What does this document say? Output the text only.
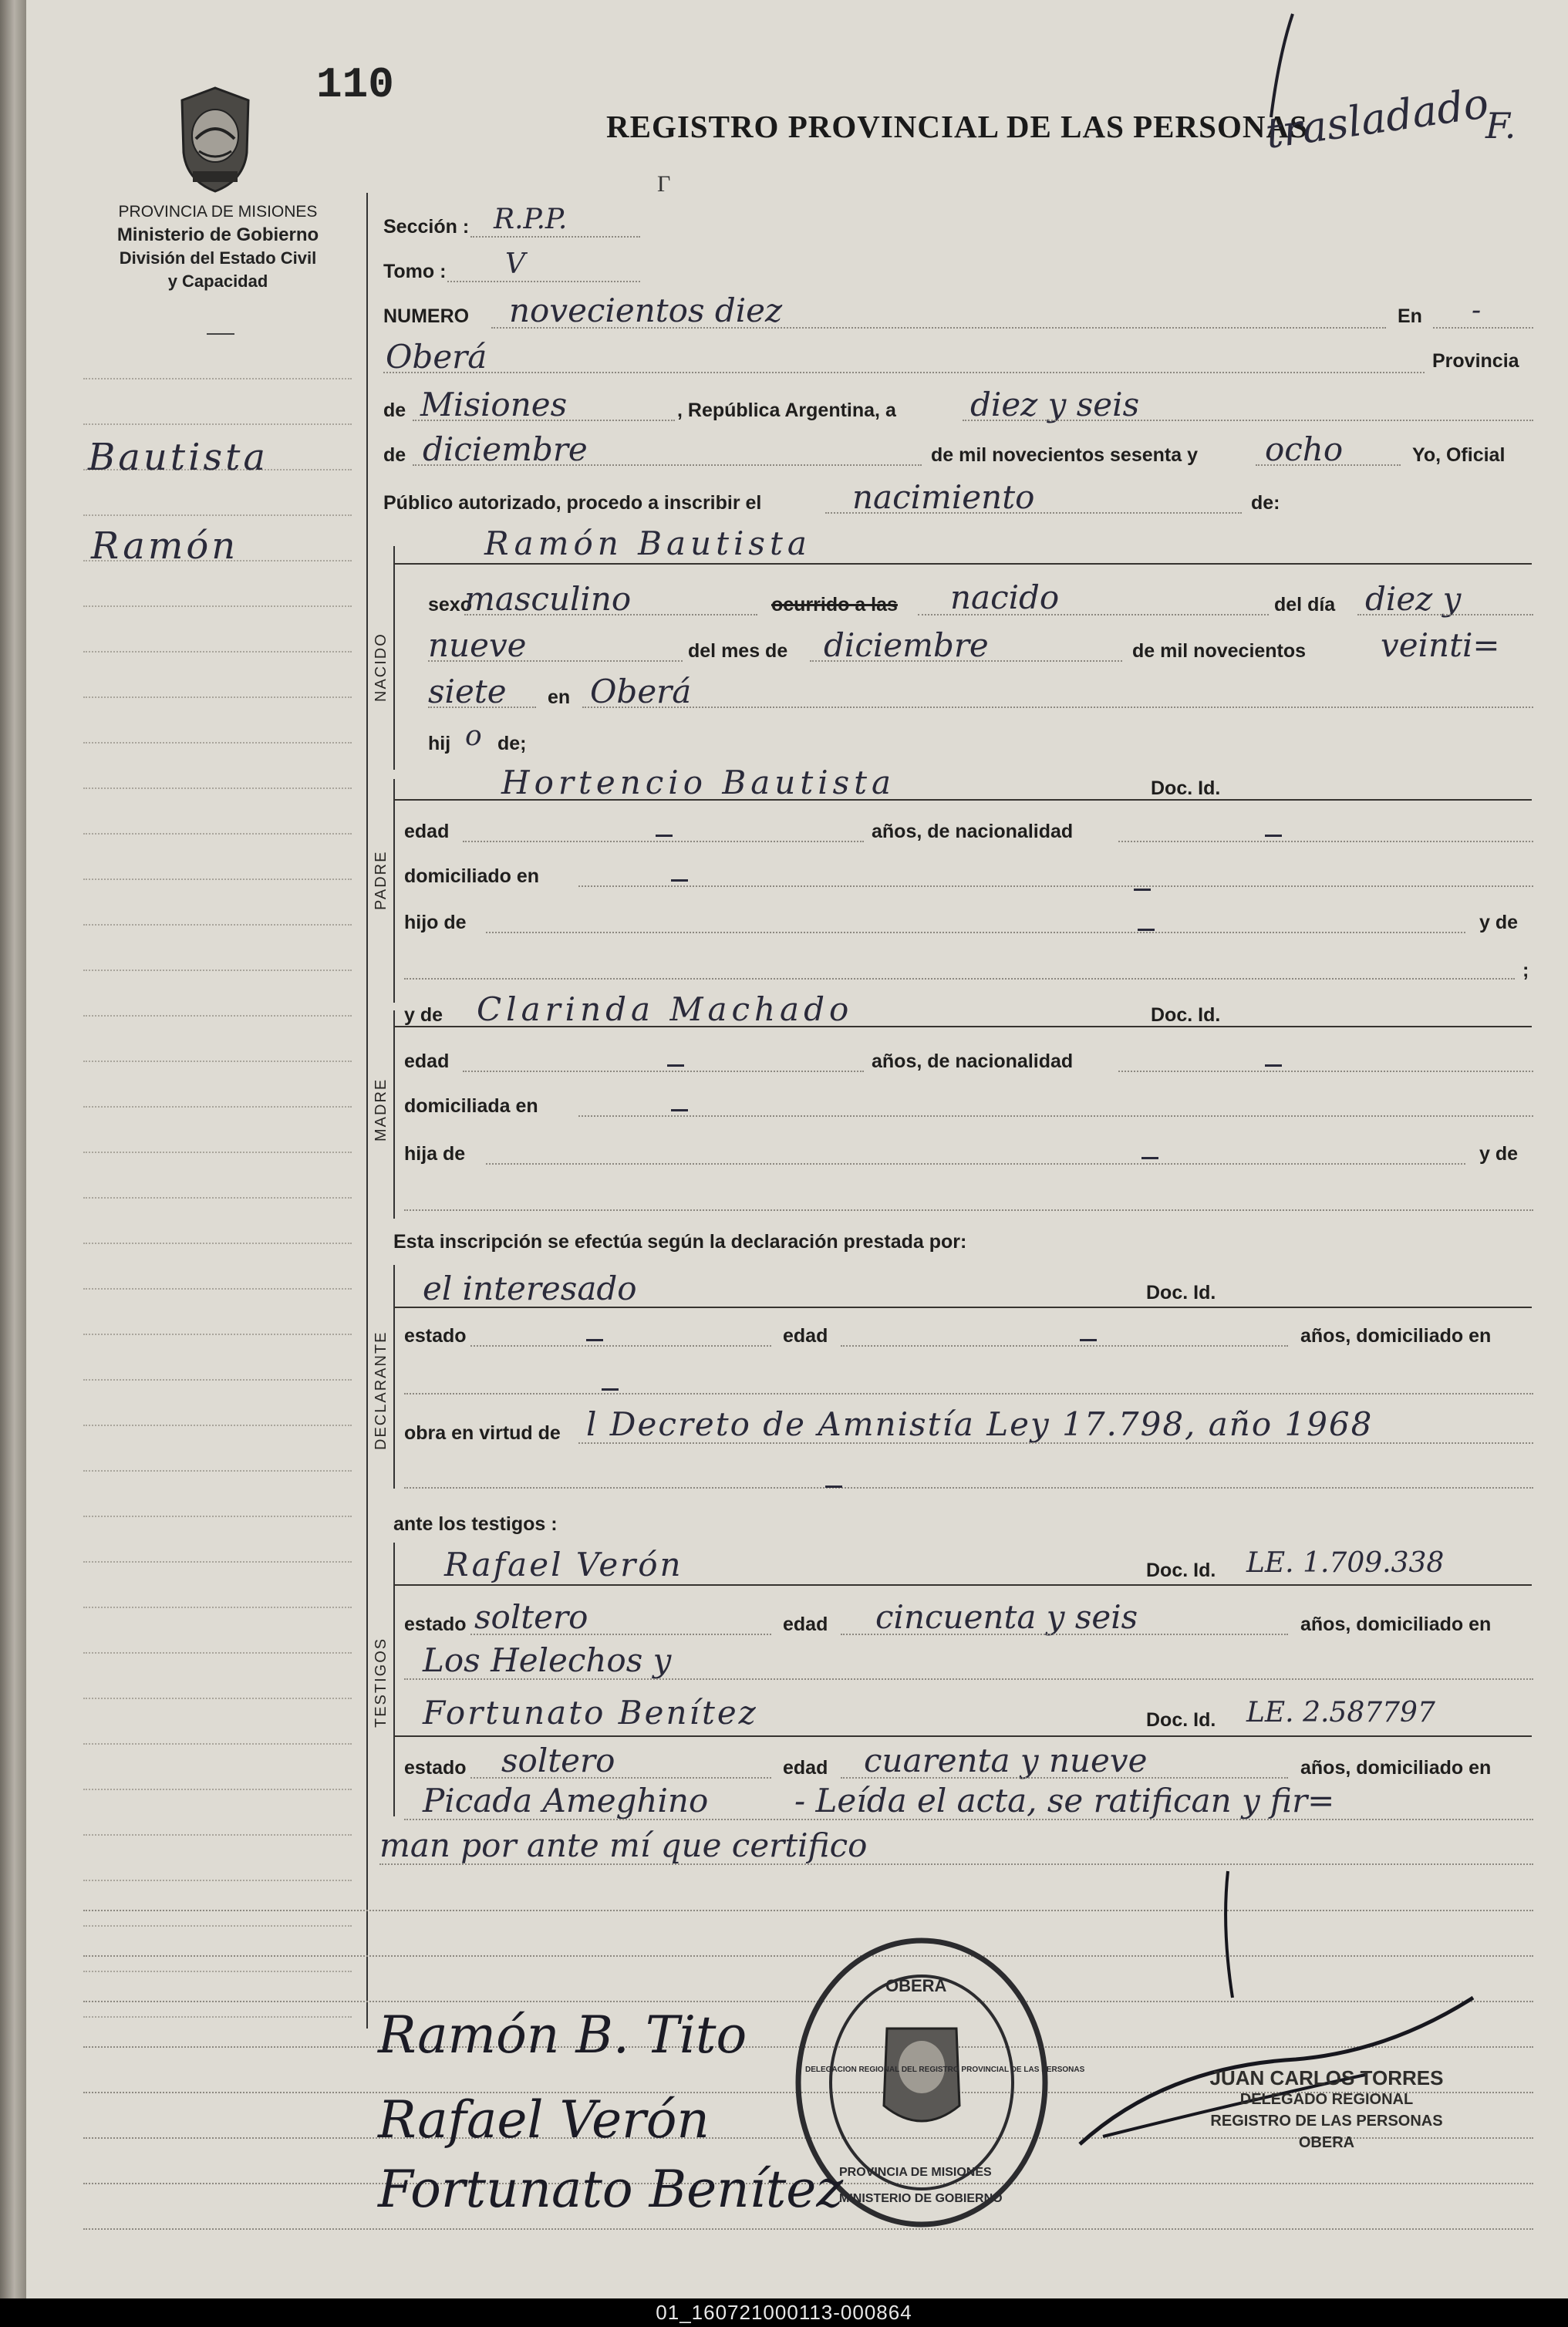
110
REGISTRO PROVINCIAL DE LAS PERSONAS
trasladado
F.
Г
PROVINCIA DE MISIONES
Ministerio de Gobierno
División del Estado Civil
y Capacidad
Bautista
Ramón
Sección : R.P.P.
Tomo : V
NUMERO novecientos diez	En -
Oberá	Provincia
de Misiones	, República Argentina, a diez y seis
de diciembre	de mil novecientos sesenta y ocho	Yo, Oficial
Público autorizado, procedo a inscribir el	nacimiento	de:
NACIDO
Ramón Bautista
sexo
masculino	ocurrido a las nacido	del día diez y
nueve	del mes de diciembre	de mil novecientos veinti=
siete en Oberá
hij o de;
PADRE
Hortencio Bautista	Doc. Id.
edad	años, de nacionalidad
domiciliado en
hijo de	y de
;
MADRE
y de Clarinda Machado	Doc. Id.
edad	años, de nacionalidad
domiciliada en
hija de	y de
Esta inscripción se efectúa según la declaración prestada por:
DECLARANTE
el interesado	Doc. Id.
estado	edad	años, domiciliado en
obra en virtud de l Decreto de Amnistía Ley 17.798, año 1968
ante los testigos :
TESTIGOS
Rafael Verón	Doc. Id. LE. 1.709.338
estado soltero	edad cincuenta y seis	años, domiciliado en
Los Helechos y
Fortunato Benítez	Doc. Id. LE. 2.587797
estado soltero	edad cuarenta y nueve	años, domiciliado en
Picada Ameghino	- Leída el acta, se ratifican y fir=
man por ante mí que certifico
OBERA
DELEGACION REGIONAL DEL REGISTRO PROVINCIAL DE LAS PERSONAS
PROVINCIA DE MISIONES
MINISTERIO DE GOBIERNO
Ramón B. Tito
Rafael Verón
Fortunato Benítez
JUAN CARLOS TORRES
DELEGADO REGIONAL
REGISTRO DE LAS PERSONAS
OBERA
01_160721000113-000864
